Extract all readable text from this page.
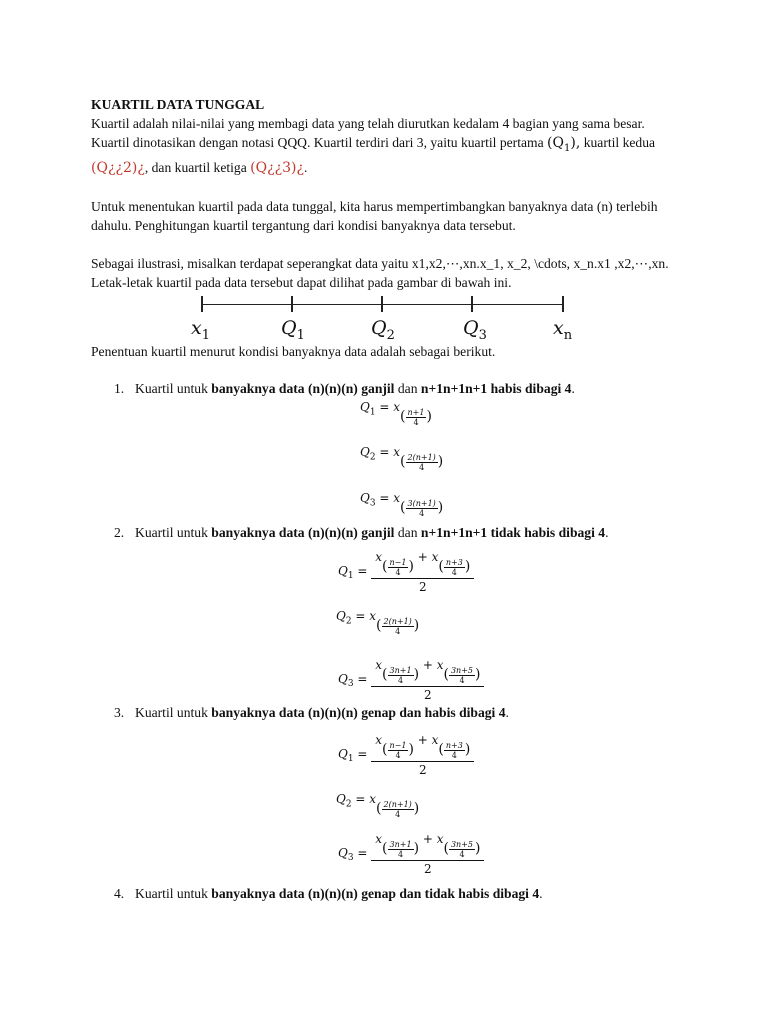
KUARTIL DATA TUNGGAL

Kuartil adalah nilai-nilai yang membagi data yang telah diurutkan kedalam 4 bagian yang sama besar. Kuartil dinotasikan dengan notasi QQQ. Kuartil terdiri dari 3, yaitu kuartil pertama $(Q_1)$, kuartil kedua (Q¿¿2)¿, dan kuartil ketiga (Q¿¿3)¿.

Untuk menentukan kuartil pada data tunggal, kita harus mempertimbangkan banyaknya data (n) terlebih dahulu. Penghitungan kuartil tergantung dari kondisi banyaknya data tersebut.

Sebagai ilustrasi, misalkan terdapat seperangkat data yaitu x1,x2,⋯,xn.x_1, x_2, \cdots, x_n.x1 ,x2,⋯,xn. Letak-letak kuartil pada data tersebut dapat dilihat pada gambar di bawah ini.

$x_1$	$Q_1$	$Q_2$	$Q_3$	$x_n$

Penentuan kuartil menurut kondisi banyaknya data adalah sebagai berikut.

1. Kuartil untuk banyaknya data (n)(n)(n) ganjil dan n+1n+1n+1 habis dibagi 4.
$Q_1 = x( \frac{n+1}{4}$ )
$Q_2 = x( \frac{2(n+1)}{4}$ )
$Q_3 = x( \frac{3(n+1)}{4}$ )
2. Kuartil untuk banyaknya data (n)(n)(n) ganjil dan n+1n+1n+1 tidak habis dibagi 4.
$Q_1 = \frac{x( \frac{n-1}{4} ) + x( \frac{n+3}{4} )}{2}$
$Q_2 = x( \frac{2(n+1)}{4}$ )
$Q_3 = \frac{x( \frac{3n+1}{4} ) + x( \frac{3n+5}{4} )}{2}$
3. Kuartil untuk banyaknya data (n)(n)(n) genap dan habis dibagi 4.
$Q_1 = \frac{x( \frac{n-1}{4} ) + x( \frac{n+3}{4} )}{2}$
$Q_2 = x( \frac{2(n+1)}{4}$ )
$Q_3 = \frac{x( \frac{3n+1}{4} ) + x( \frac{3n+5}{4} )}{2}$
4. Kuartil untuk banyaknya data (n)(n)(n) genap dan tidak habis dibagi 4.
